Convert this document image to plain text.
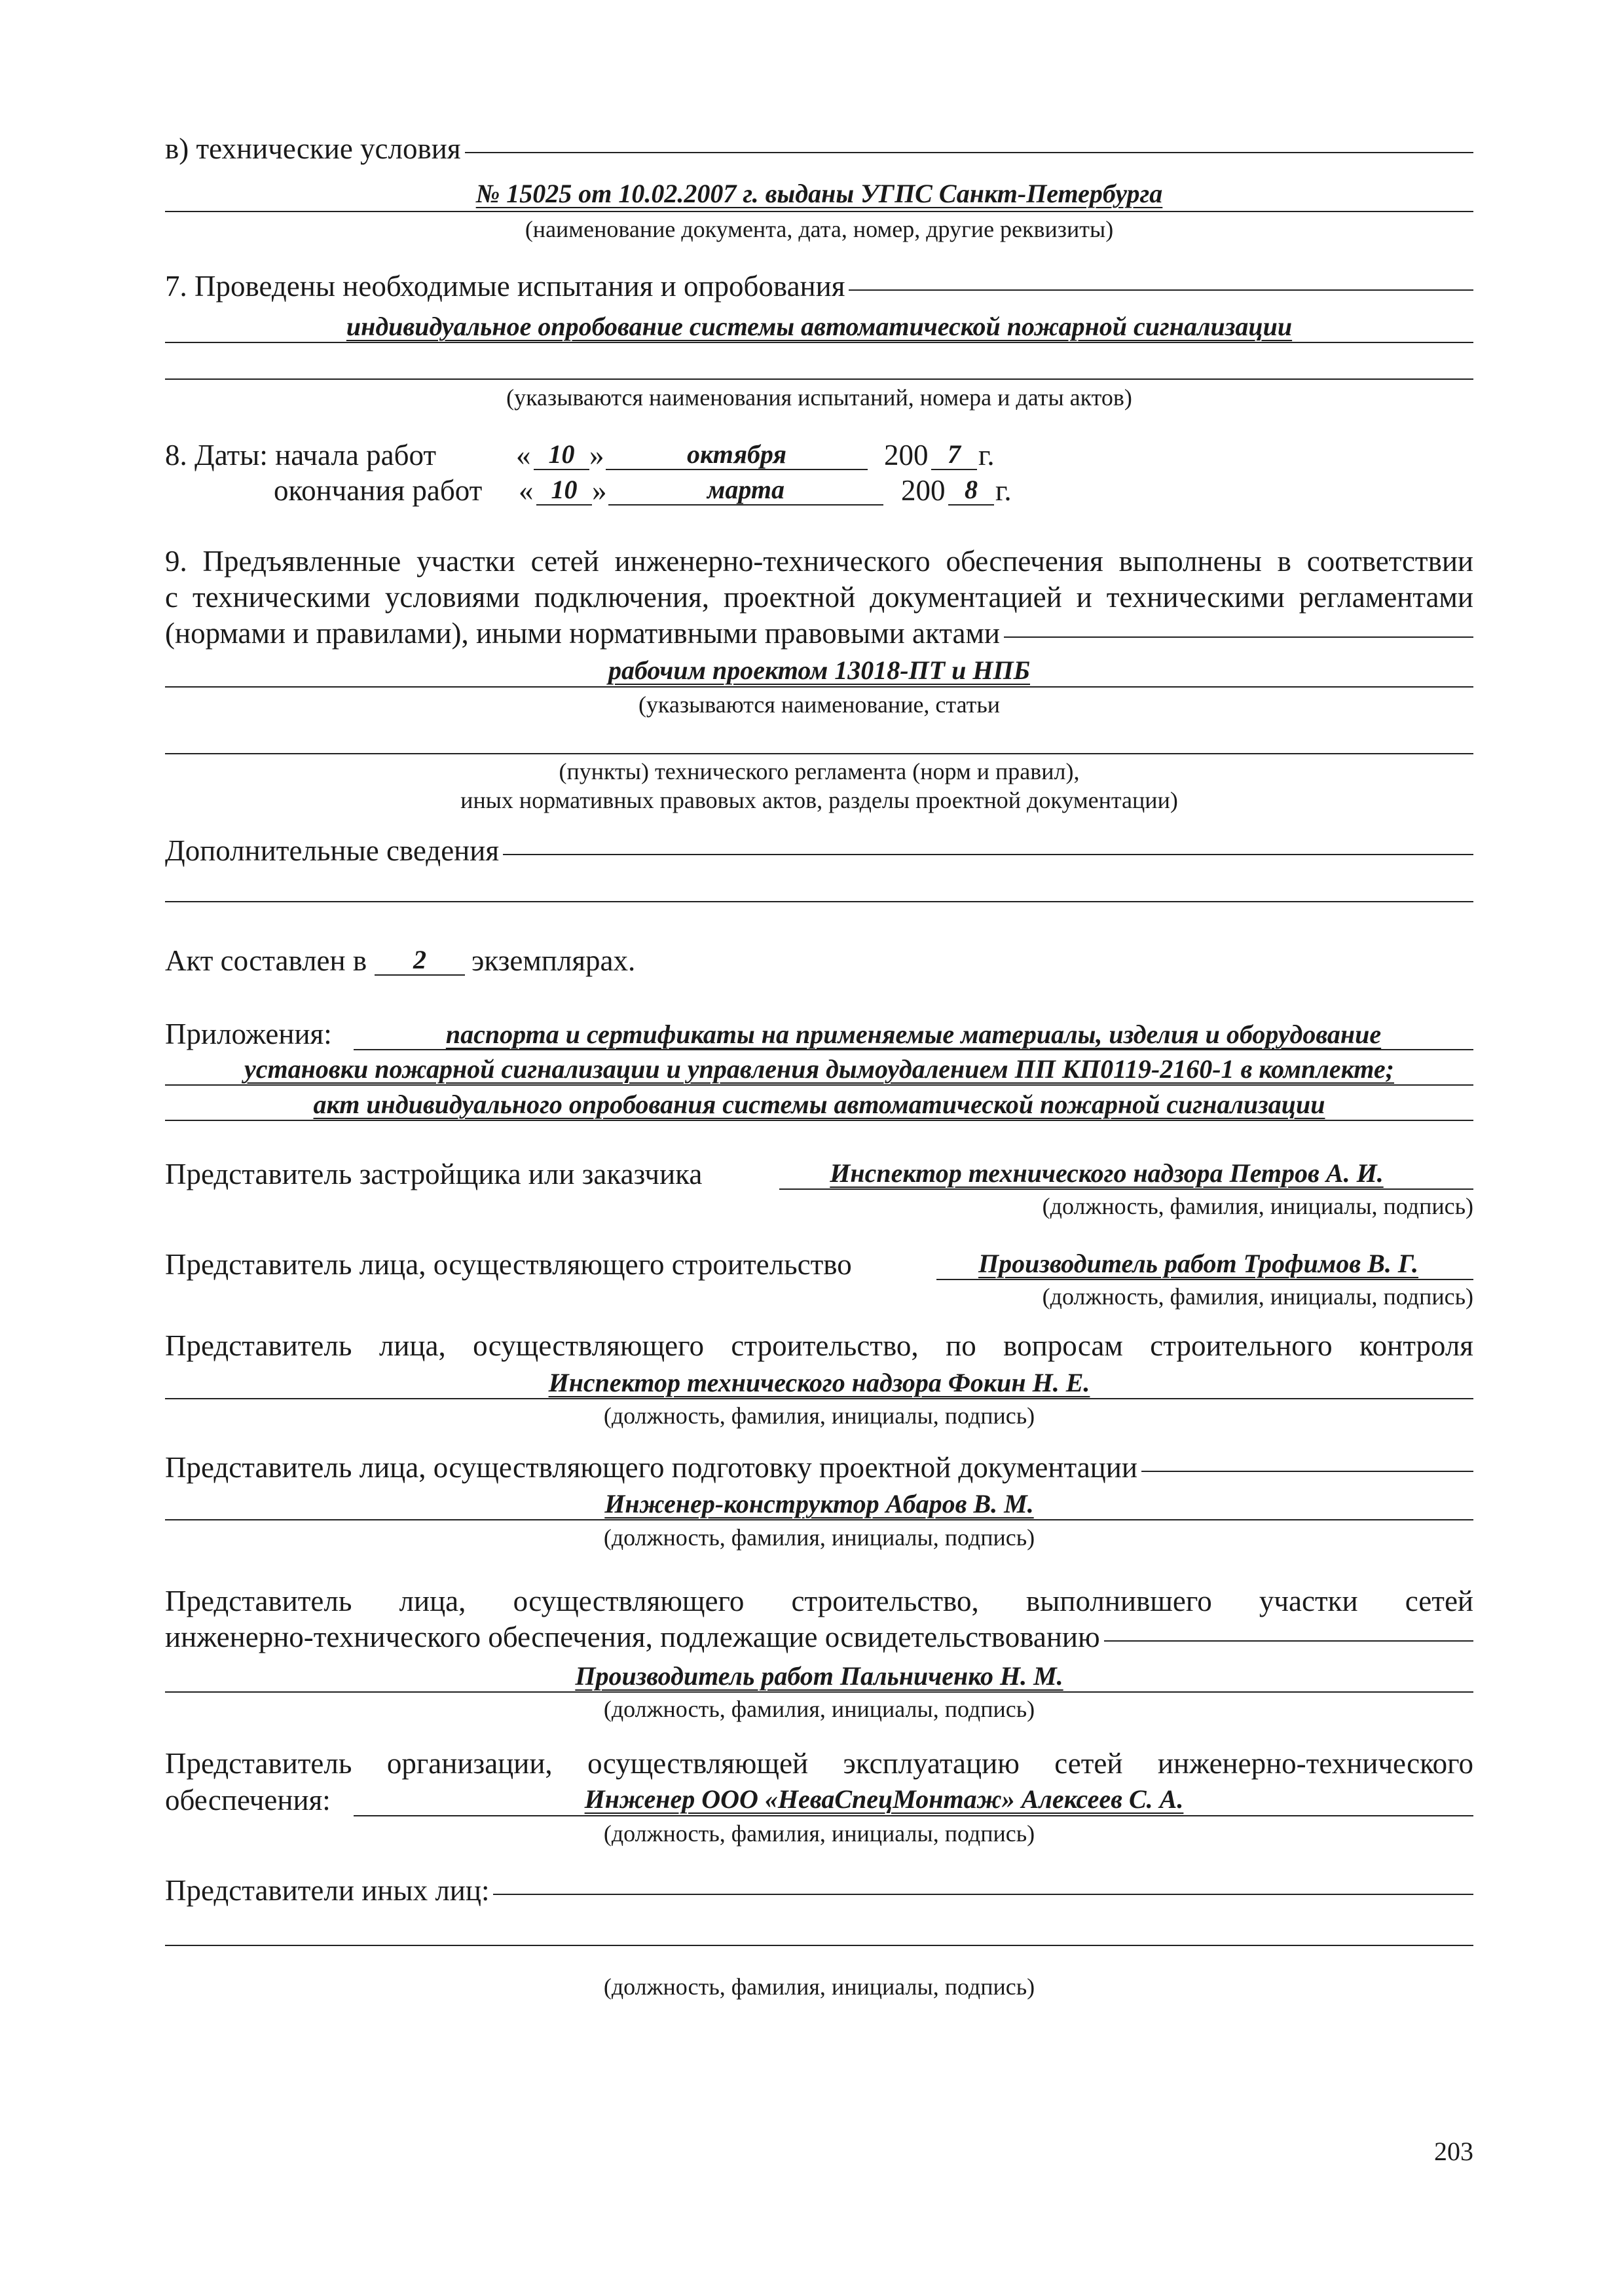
в) технические условия
№ 15025 от 10.02.2007 г. выданы УГПС Санкт-Петербурга
(наименование документа, дата, номер, другие реквизиты)
7. Проведены необходимые испытания и опробования
индивидуальное опробование системы автоматической пожарной сигнализации
(указываются наименования испытаний, номера и даты актов)
8. Даты: начала работ	« 10 »	октября	200 7 г.
окончания работ « 10 »	марта	200 8 г.
9. Предъявленные участки сетей инженерно-технического обеспечения выполнены в соответствии
с техническими условиями подключения, проектной документацией и техническими регламентами
(нормами и правилами), иными нормативными правовыми актами
рабочим проектом 13018-ПТ и НПБ
(указываются наименование, статьи
(пункты) технического регламента (норм и правил),
иных нормативных правовых актов, разделы проектной документации)
Дополнительные сведения
Акт составлен в	2	экземплярах.
Приложения:	паспорта и сертификаты на применяемые материалы, изделия и оборудование
установки пожарной сигнализации и управления дымоудалением ПП КП0119-2160-1 в комплекте;
акт индивидуального опробования системы автоматической пожарной сигнализации
Представитель застройщика или заказчика	Инспектор технического надзора Петров А. И.
(должность, фамилия, инициалы, подпись)
Представитель лица, осуществляющего строительство	Производитель работ Трофимов В. Г.
(должность, фамилия, инициалы, подпись)
Представитель лица, осуществляющего строительство, по вопросам строительного контроля
Инспектор технического надзора Фокин Н. Е.
(должность, фамилия, инициалы, подпись)
Представитель лица, осуществляющего подготовку проектной документации
Инженер-конструктор Абаров В. М.
(должность, фамилия, инициалы, подпись)
Представитель лица, осуществляющего строительство, выполнившего участки сетей
инженерно-технического обеспечения, подлежащие освидетельствованию
Производитель работ Пальниченко Н. М.
(должность, фамилия, инициалы, подпись)
Представитель организации, осуществляющей эксплуатацию сетей инженерно-технического
обеспечения:	Инженер ООО «НеваСпецМонтаж» Алексеев С. А.
(должность, фамилия, инициалы, подпись)
Представители иных лиц:
(должность, фамилия, инициалы, подпись)
203
